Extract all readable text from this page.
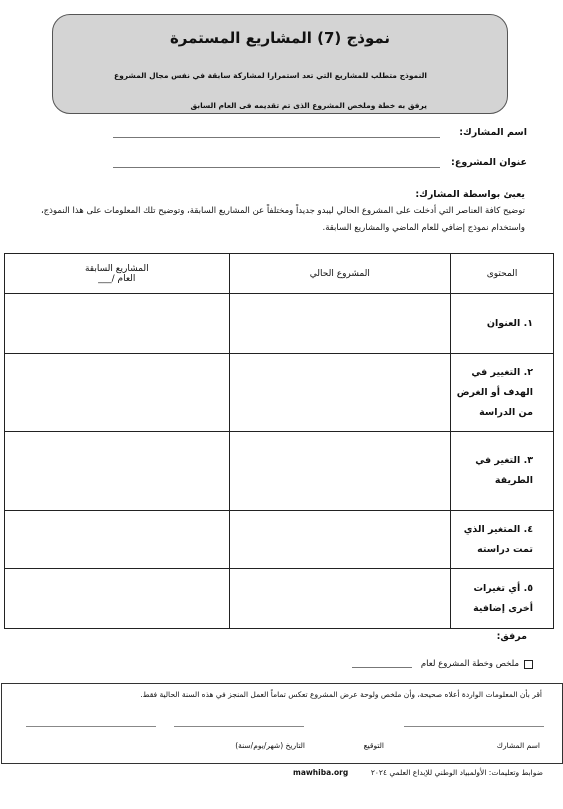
نموذج (7) المشاريع المستمرة
النموذج متطلب للمشاريع التي تعد استمرارا لمشاركة سابقة في نفس مجال المشروع
يرفق به خطة وملخص المشروع الذى تم تقديمه فى العام السابق
اسم المشارك:
عنوان المشروع:
يعبئ بواسطة المشارك:
توضيح كافة العناصر التي أدخلت على المشروع الحالي ليبدو جديداً ومختلفاً عن المشاريع السابقة، وتوضيح تلك المعلومات على هذا النموذج،
واستخدام نموذج إضافي للعام الماضي والمشاريع السابقة.
المحتوى	المشروع الحالي	المشاريع السابقة
العام /___

١. العنوان		
٢. التغيير في الهدف أو الغرض من الدراسة		
٣. التغير في الطريقة		
٤. المتغير الذي تمت دراسته		
٥. أي تغيرات أخرى إضافية		
مرفق:
ملخص وخطة المشروع لعام
أقر بأن المعلومات الواردة أعلاه صحيحة، وأن ملخص ولوحة عرض المشروع تعكس تماماً العمل المنجز في هذه السنة الحالية فقط.
اسم المشارك
التوقيع
التاريخ (شهر/يوم/سنة)
ضوابط وتعليمات: الأولمبياد الوطني للإبداع العلمي ٢٠٢٤
mawhiba.org
